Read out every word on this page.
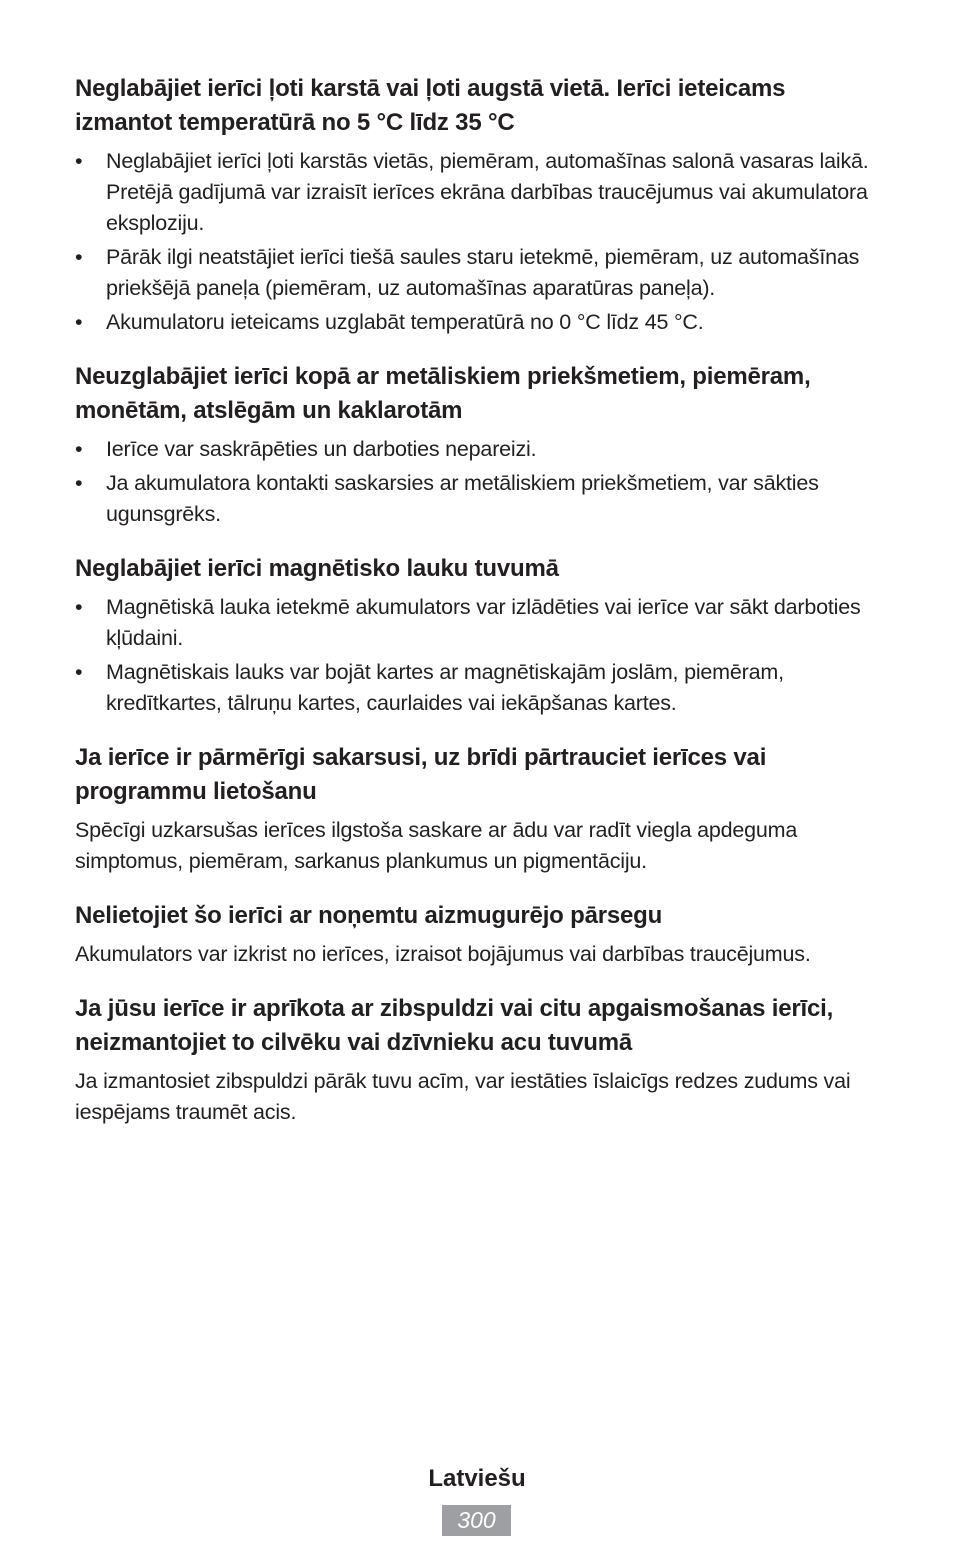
Neglabājiet ierīci ļoti karstā vai ļoti augstā vietā. Ierīci ieteicams izmantot temperatūrā no 5 °C līdz 35 °C
• Neglabājiet ierīci ļoti karstās vietās, piemēram, automašīnas salonā vasaras laikā. Pretējā gadījumā var izraisīt ierīces ekrāna darbības traucējumus vai akumulatora eksploziju.
• Pārāk ilgi neatstājiet ierīci tiešā saules staru ietekmē, piemēram, uz automašīnas priekšējā paneļa (piemēram, uz automašīnas aparatūras paneļa).
• Akumulatoru ieteicams uzglabāt temperatūrā no 0 °C līdz 45 °C.
Neuzglabājiet ierīci kopā ar metāliskiem priekšmetiem, piemēram, monētām, atslēgām un kaklarotām
• Ierīce var saskrāpēties un darboties nepareizi.
• Ja akumulatora kontakti saskarsies ar metāliskiem priekšmetiem, var sākties ugunsgrēks.
Neglabājiet ierīci magnētisko lauku tuvumā
• Magnētiskā lauka ietekmē akumulators var izlādēties vai ierīce var sākt darboties kļūdaini.
• Magnētiskais lauks var bojāt kartes ar magnētiskajām joslām, piemēram, kredītkartes, tālruņu kartes, caurlaides vai iekāpšanas kartes.
Ja ierīce ir pārmērīgi sakarsusi, uz brīdi pārtrauciet ierīces vai programmu lietošanu

Spēcīgi uzkarsušas ierīces ilgstoša saskare ar ādu var radīt viegla apdeguma simptomus, piemēram, sarkanus plankumus un pigmentāciju.

Nelietojiet šo ierīci ar noņemtu aizmugurējo pārsegu

Akumulators var izkrist no ierīces, izraisot bojājumus vai darbības traucējumus.

Ja jūsu ierīce ir aprīkota ar zibspuldzi vai citu apgaismošanas ierīci, neizmantojiet to cilvēku vai dzīvnieku acu tuvumā

Ja izmantosiet zibspuldzi pārāk tuvu acīm, var iestāties īslaicīgs redzes zudums vai iespējams traumēt acis.

Latviešu
300
